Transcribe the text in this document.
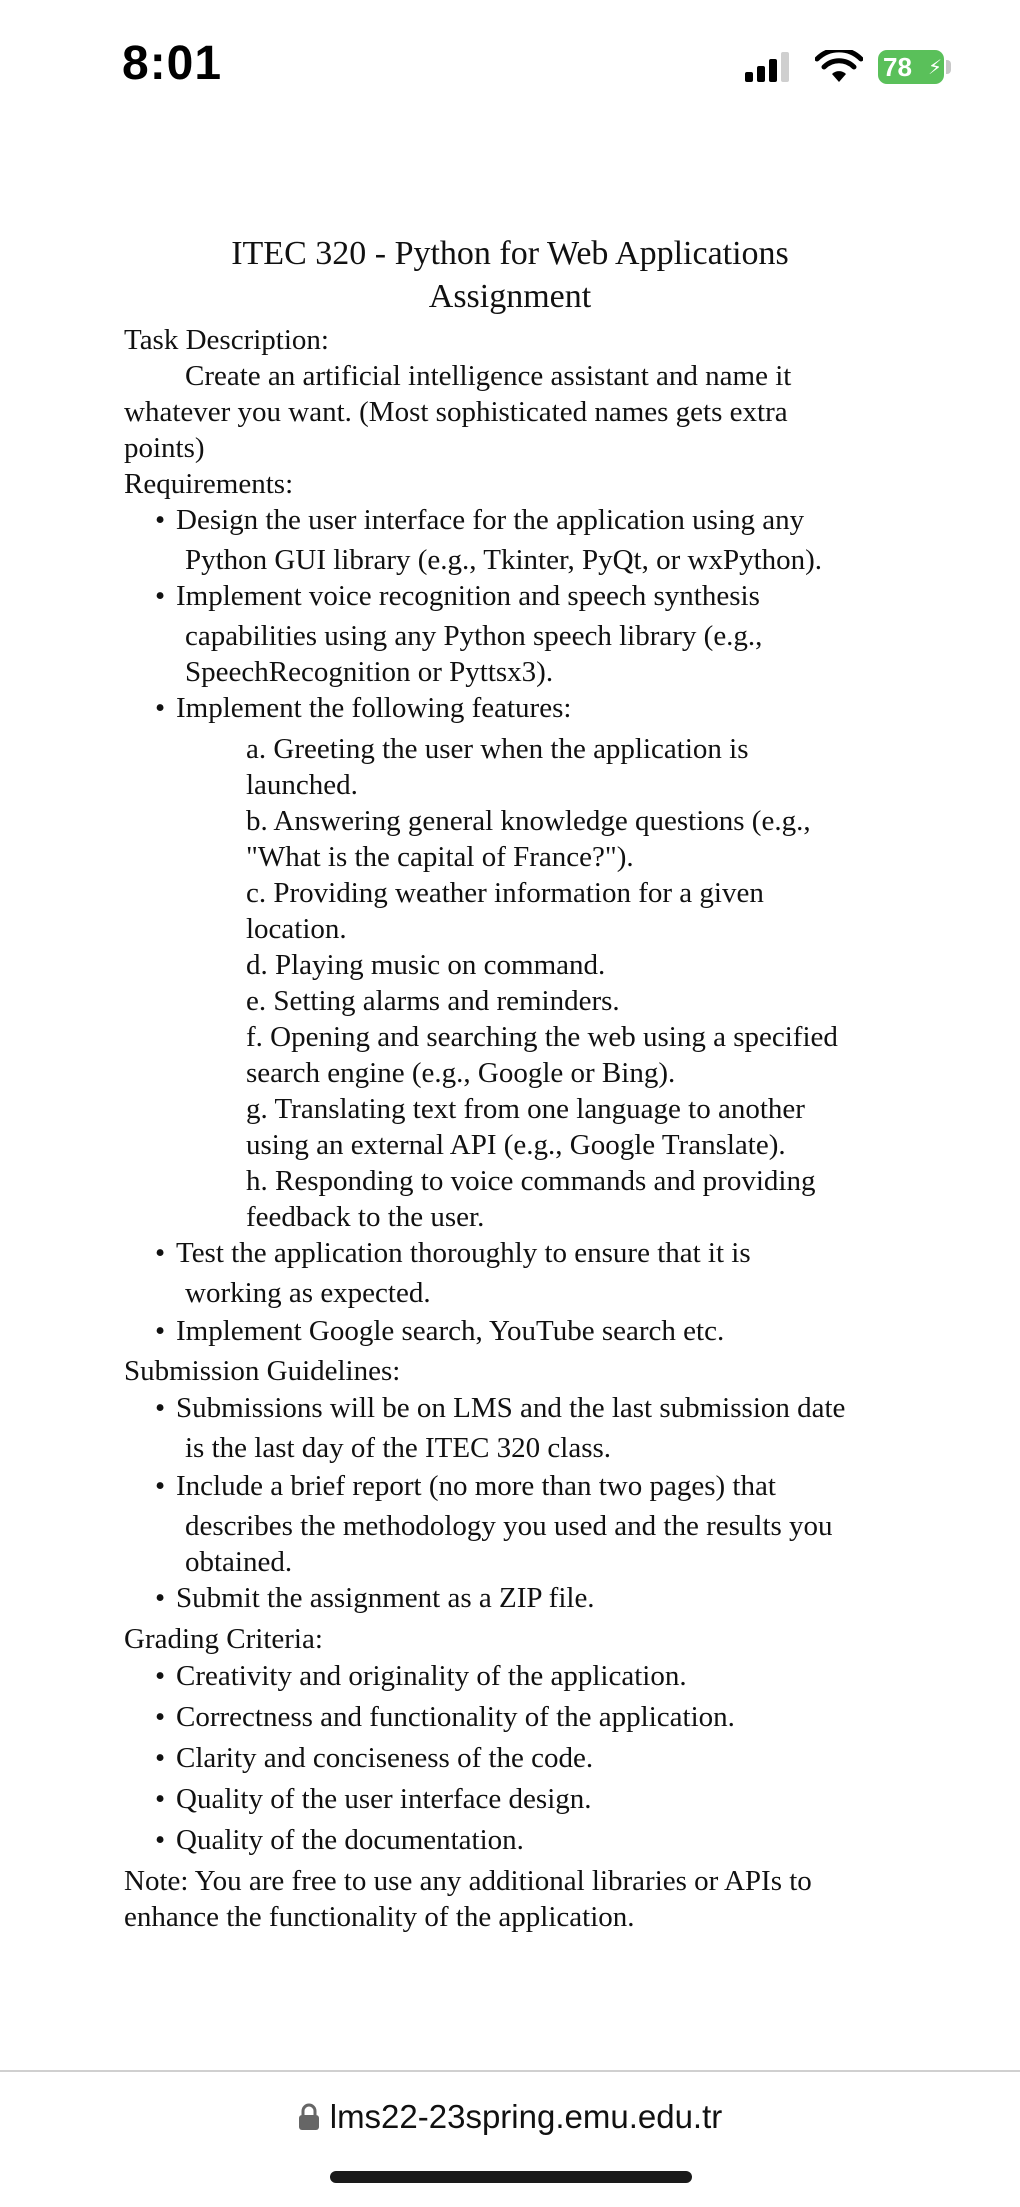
8:01	78 ⚡
ITEC 320 - Python for Web Applications
Assignment
Task Description:
Create an artificial intelligence assistant and name it
whatever you want. (Most sophisticated names gets extra
points)
Requirements:
• Design the user interface for the application using any
Python GUI library (e.g., Tkinter, PyQt, or wxPython).
• Implement voice recognition and speech synthesis
capabilities using any Python speech library (e.g.,
SpeechRecognition or Pyttsx3).
• Implement the following features:
a. Greeting the user when the application is
launched.
b. Answering general knowledge questions (e.g.,
"What is the capital of France?").
c. Providing weather information for a given
location.
d. Playing music on command.
e. Setting alarms and reminders.
f. Opening and searching the web using a specified
search engine (e.g., Google or Bing).
g. Translating text from one language to another
using an external API (e.g., Google Translate).
h. Responding to voice commands and providing
feedback to the user.
• Test the application thoroughly to ensure that it is
working as expected.
• Implement Google search, YouTube search etc.
Submission Guidelines:
• Submissions will be on LMS and the last submission date
is the last day of the ITEC 320 class.
• Include a brief report (no more than two pages) that
describes the methodology you used and the results you
obtained.
• Submit the assignment as a ZIP file.
Grading Criteria:
• Creativity and originality of the application.
• Correctness and functionality of the application.
• Clarity and conciseness of the code.
• Quality of the user interface design.
• Quality of the documentation.
Note: You are free to use any additional libraries or APIs to
enhance the functionality of the application.
lms22-23spring.emu.edu.tr
